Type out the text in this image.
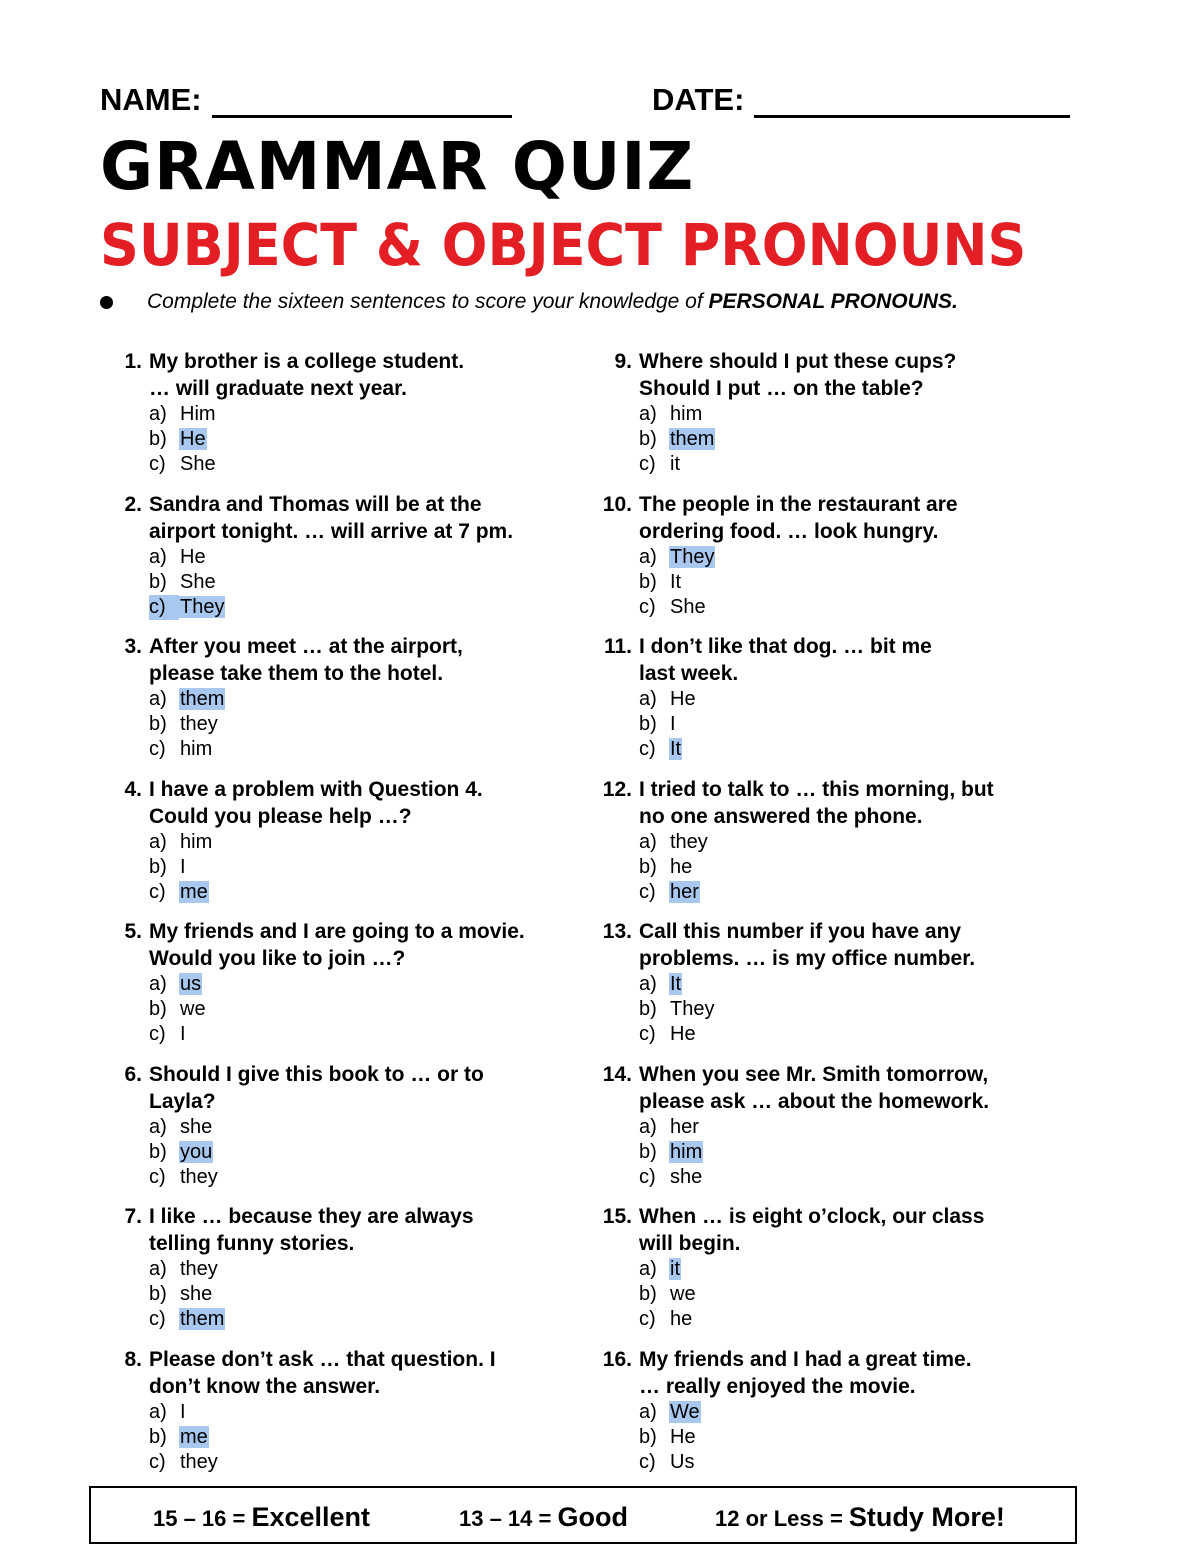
NAME:	DATE:
GRAMMAR QUIZ
SUBJECT & OBJECT PRONOUNS
Complete the sixteen sentences to score your knowledge of PERSONAL PRONOUNS.
1. My brother is a college student.
… will graduate next year.
a) Him
b) He
c) She
2. Sandra and Thomas will be at the
airport tonight. … will arrive at 7 pm.
a) He
b) She
c) They
3. After you meet … at the airport,
please take them to the hotel.
a) them
b) they
c) him
4. I have a problem with Question 4.
Could you please help …?
a) him
b) I
c) me
5. My friends and I are going to a movie.
Would you like to join …?
a) us
b) we
c) I
6. Should I give this book to … or to
Layla?
a) she
b) you
c) they
7. I like … because they are always
telling funny stories.
a) they
b) she
c) them
8. Please don’t ask … that question. I
don’t know the answer.
a) I
b) me
c) they
9. Where should I put these cups?
Should I put … on the table?
a) him
b) them
c) it
10. The people in the restaurant are
ordering food. … look hungry.
a) They
b) It
c) She
11. I don’t like that dog. … bit me
last week.
a) He
b) I
c) It
12. I tried to talk to … this morning, but
no one answered the phone.
a) they
b) he
c) her
13. Call this number if you have any
problems. … is my office number.
a) It
b) They
c) He
14. When you see Mr. Smith tomorrow,
please ask … about the homework.
a) her
b) him
c) she
15. When … is eight o’clock, our class
will begin.
a) it
b) we
c) he
16. My friends and I had a great time.
… really enjoyed the movie.
a) We
b) He
c) Us
15 – 16 = Excellent	13 – 14 = Good	12 or Less = Study More!
